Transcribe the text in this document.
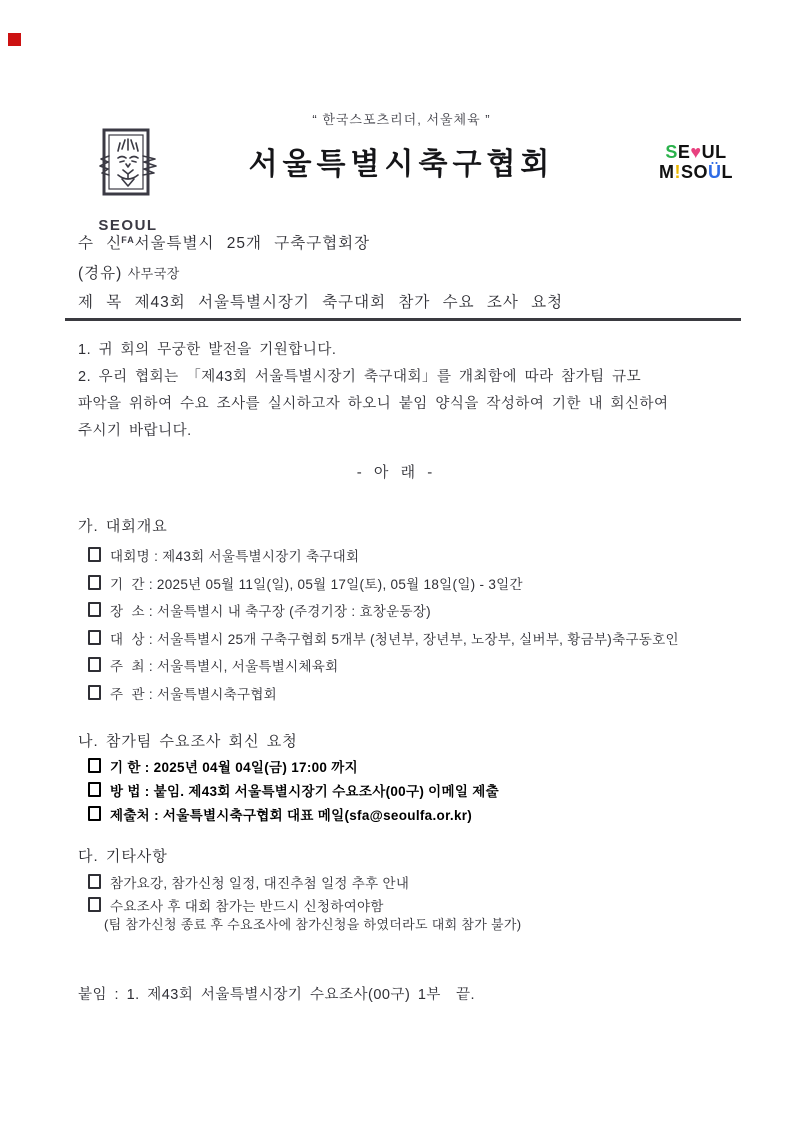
“ 한국스포츠리더, 서울체육 ”
서울특별시축구협회
SEOUL
FA
SE♥UL
M!SOÜL
수 신 서울특별시 25개 구축구협회장
(경유) 사무국장
제 목 제43회 서울특별시장기 축구대회 참가 수요 조사 요청
1. 귀 회의 무궁한 발전을 기원합니다.
2. 우리 협회는 「제43회 서울특별시장기 축구대회」를 개최함에 따라 참가팀 규모
파악을 위하여 수요 조사를 실시하고자 하오니 붙임 양식을 작성하여 기한 내 회신하여
주시기 바랍니다.
- 아 래 -
가. 대회개요
대회명 : 제43회 서울특별시장기 축구대회
기  간 : 2025년 05월 11일(일), 05월 17일(토), 05월 18일(일) - 3일간
장  소 : 서울특별시 내 축구장 (주경기장 : 효창운동장)
대  상 : 서울특별시 25개 구축구협회 5개부 (청년부, 장년부, 노장부, 실버부, 황금부)축구동호인
주  최 : 서울특별시, 서울특별시체육회
주  관 : 서울특별시축구협회
나. 참가팀 수요조사 회신 요청
기 한 : 2025년 04월 04일(금) 17:00 까지
방 법 : 붙임. 제43회 서울특별시장기 수요조사(00구) 이메일 제출
제출처 : 서울특별시축구협회 대표 메일(sfa@seoulfa.or.kr)
다. 기타사항
참가요강, 참가신청 일정, 대진추첨 일정 추후 안내
수요조사 후 대회 참가는 반드시 신청하여야함
(팀 참가신청 종료 후 수요조사에 참가신청을 하였더라도 대회 참가 불가)
붙임 : 1. 제43회 서울특별시장기 수요조사(00구) 1부  끝.
